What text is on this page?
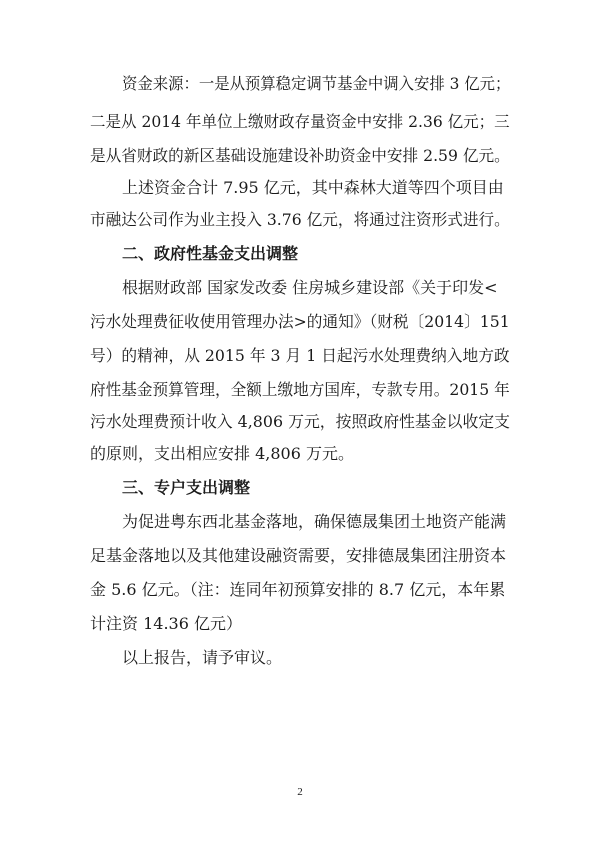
资金来源：一是从预算稳定调节基金中调入安排 3 亿元；
二是从 2014 年单位上缴财政存量资金中安排 2.36 亿元；三
是从省财政的新区基础设施建设补助资金中安排 2.59 亿元。
上述资金合计 7.95 亿元，其中森林大道等四个项目由
市融达公司作为业主投入 3.76 亿元，将通过注资形式进行。
二、政府性基金支出调整
根据财政部 国家发改委 住房城乡建设部《关于印发<
污水处理费征收使用管理办法>的通知》（财税〔2014〕151
号）的精神，从 2015 年 3 月 1 日起污水处理费纳入地方政
府性基金预算管理，全额上缴地方国库，专款专用。2015 年
污水处理费预计收入 4,806 万元，按照政府性基金以收定支
的原则，支出相应安排 4,806 万元。
三、专户支出调整
为促进粤东西北基金落地，确保德晟集团土地资产能满
足基金落地以及其他建设融资需要，安排德晟集团注册资本
金 5.6 亿元。（注：连同年初预算安排的 8.7 亿元，本年累
计注资 14.36 亿元）
以上报告，请予审议。
2
